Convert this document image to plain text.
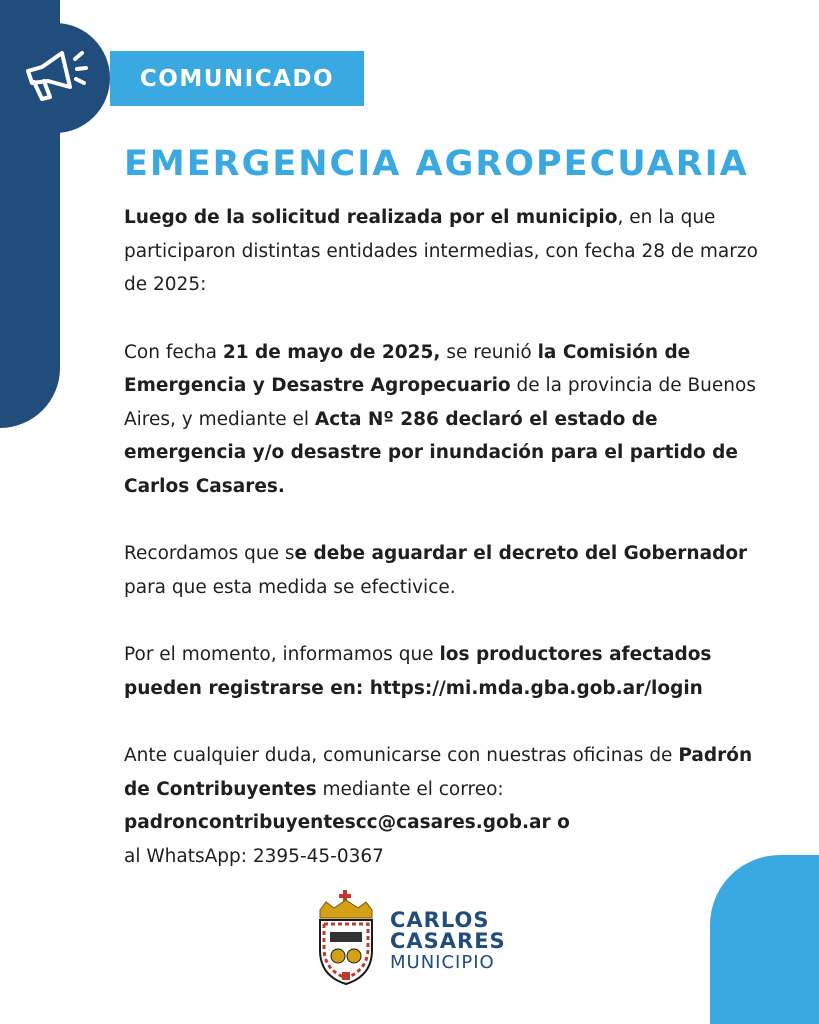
COMUNICADO
EMERGENCIA AGROPECUARIA

Luego de la solicitud realizada por el municipio, en la que participaron distintas entidades intermedias, con fecha 28 de marzo de 2025:

Con fecha 21 de mayo de 2025, se reunió la Comisión de Emergencia y Desastre Agropecuario de la provincia de Buenos Aires, y mediante el Acta Nº 286 declaró el estado de emergencia y/o desastre por inundación para el partido de Carlos Casares.

Recordamos que se debe aguardar el decreto del Gobernador para que esta medida se efectivice.

Por el momento, informamos que los productores afectados pueden registrarse en: https://mi.mda.gba.gob.ar/login

Ante cualquier duda, comunicarse con nuestras oficinas de Padrón de Contribuyentes mediante el correo:
padroncontribuyentescc@casares.gob.ar o
al WhatsApp: 2395-45-0367

CARLOS
CASARES
MUNICIPIO
